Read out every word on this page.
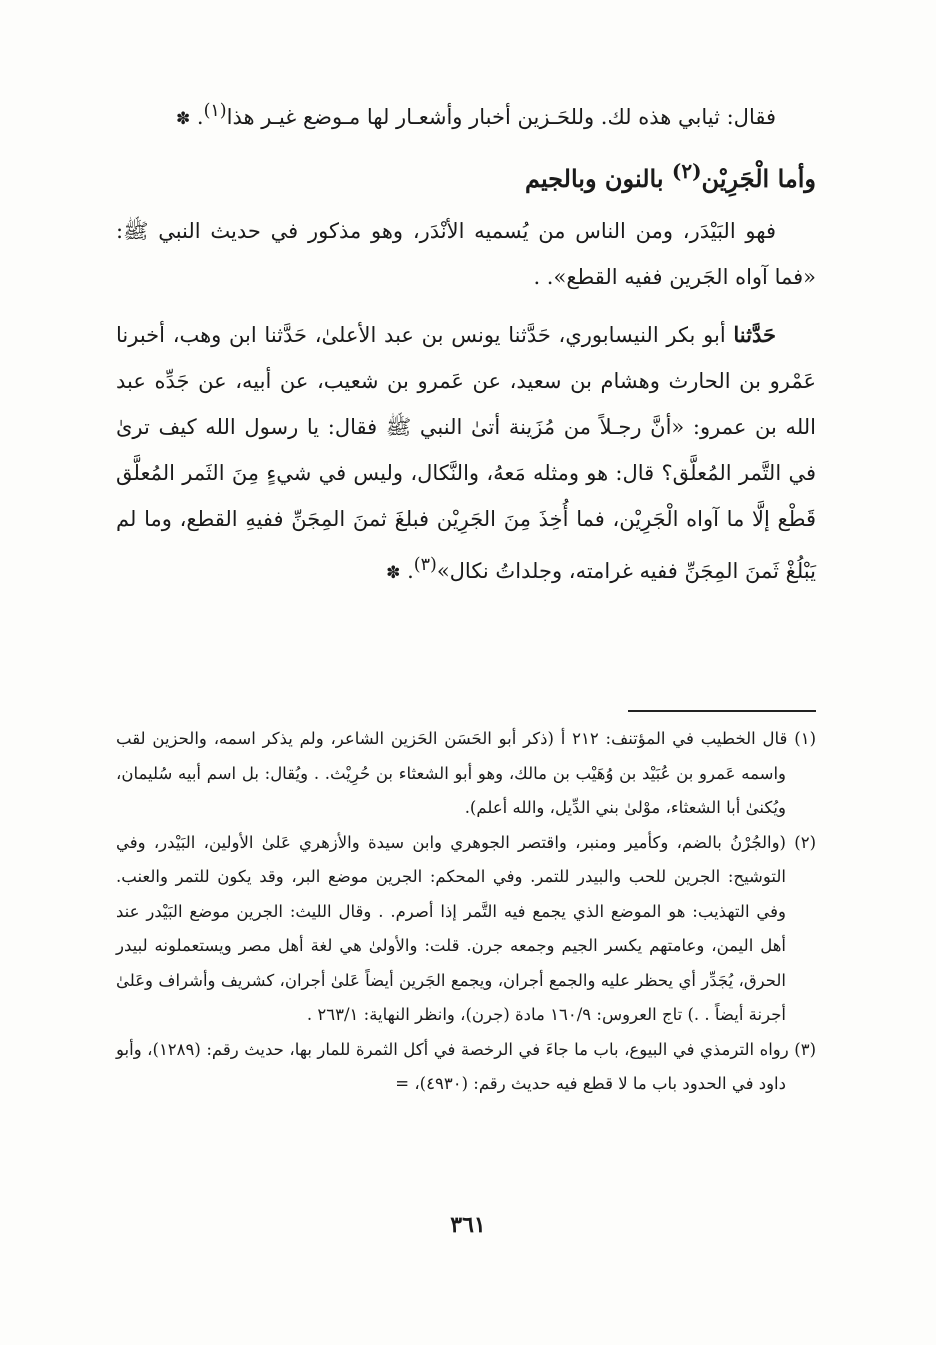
فقال: ثيابي هذه لك. وللحَـزين أخبار وأشعـار لها مـوضع غيـر هذا$^{(١)}$. ✽

وأما الْجَرِيْن$^{(٢)}$ بالنون وبالجيم

فهو البَيْدَر، ومن الناس من يُسميه الأنْدَر، وهو مذكور في حديث النبي ﷺ: «فما آواه الجَرين ففيه القطع». .

حَدَّثنا أبو بكر النيسابوري، حَدَّثنا يونس بن عبد الأعلىٰ، حَدَّثنا ابن وهب، أخبرنا عَمْرو بن الحارث وهشام بن سعيد، عن عَمرو بن شعيب، عن أبيه، عن جَدِّه عبد الله بن عمرو: «أنَّ رجـلاً من مُزَينة أتىٰ النبي ﷺ فقال: يا رسول الله كيف ترىٰ في التَّمر المُعلَّق؟ قال: هو ومثله مَعهُ، والنَّكال، وليس في شيءٍ مِنَ الثَمر المُعلَّق قَطْع إلَّا ما آواه الْجَرِيْن، فما أُخِذَ مِنَ الجَرِيْن فبلغَ ثمنَ المِجَنِّ ففيهِ القطع، وما لم يَبْلُغْ ثَمنَ المِجَنِّ ففيه غرامته، وجلداتُ نكال»$^{(٣)}$. ✽

(١) قال الخطيب في المؤتنف: ٢١٢ أ (ذكر أبو الحَسَن الحَزين الشاعر، ولم يذكر اسمه، والحزين لقب واسمه عَمرو بن عُبَيْد بن وُهَيْب بن مالك، وهو أبو الشعثاء بن حُرِيْث. . ويُقال: بل اسم أبيه سُليمان، ويُكنىٰ أبا الشعثاء، موْلىٰ بني الدِّيل، والله أعلم).

(٢) (والجُرْنُ بالضم، وكأمير ومنبر، واقتصر الجوهري وابن سيدة والأزهري عَلىٰ الأولين، البَيْدر، وفي التوشيح: الجرين للحب والبيدر للتمر. وفي المحكم: الجرين موضع البر، وقد يكون للتمر والعنب. وفي التهذيب: هو الموضع الذي يجمع فيه التَّمر إذا أصرم. . وقال الليث: الجرين موضع البَيْدر عند أهل اليمن، وعامتهم يكسر الجيم وجمعه جرن. قلت: والأولىٰ هي لغة أهل مصر ويستعملونه لبيدر الحرق، يُجَدِّر أي يحظر عليه والجمع أجران، ويجمع الجَرين أيضاً عَلىٰ أجران، كشريف وأشراف وعَلىٰ أجرنة أيضاً . .) تاج العروس: ١٦٠/٩ مادة (جرن)، وانظر النهاية: ٢٦٣/١ .

(٣) رواه الترمذي في البيوع، باب ما جاءَ في الرخصة في أكل الثمرة للمار بها، حديث رقم: (١٢٨٩)، وأبو داود في الحدود باب ما لا قطع فيه حديث رقم: (٤٩٣٠)، =

٣٦١
